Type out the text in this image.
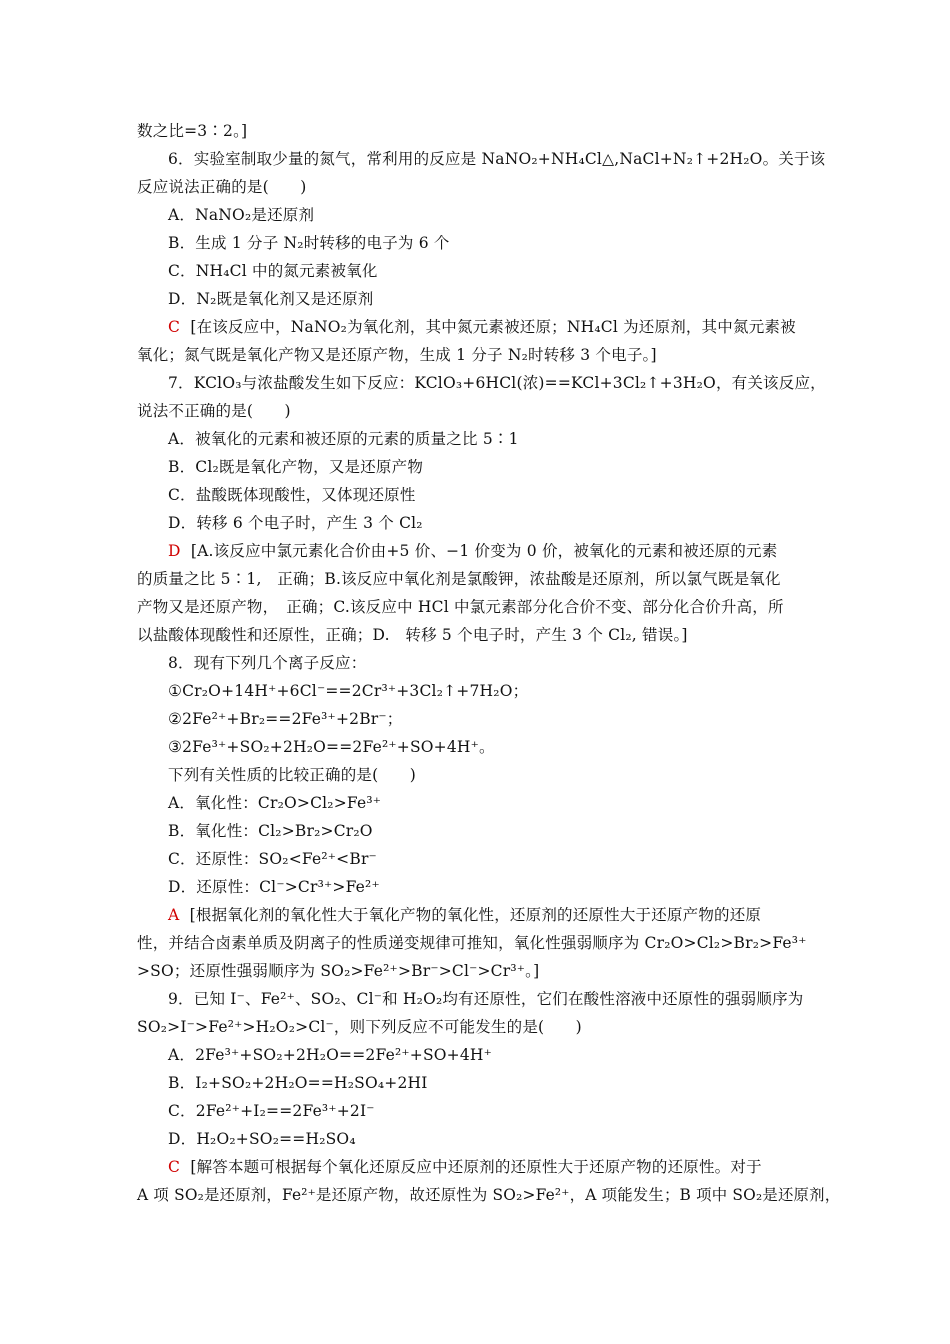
数之比=3∶2。]
6．实验室制取少量的氮气，常利用的反应是 NaNO₂+NH₄Cl△,NaCl+N₂↑+2H₂O。关于该
反应说法正确的是(　　)
A．NaNO₂是还原剂
B．生成 1 分子 N₂时转移的电子为 6 个
C．NH₄Cl 中的氮元素被氧化
D．N₂既是氧化剂又是还原剂
C [在该反应中，NaNO₂为氧化剂，其中氮元素被还原；NH₄Cl 为还原剂，其中氮元素被
氧化；氮气既是氧化产物又是还原产物，生成 1 分子 N₂时转移 3 个电子。]
7．KClO₃与浓盐酸发生如下反应：KClO₃+6HCl(浓)==KCl+3Cl₂↑+3H₂O，有关该反应，
说法不正确的是(　　)
A．被氧化的元素和被还原的元素的质量之比 5∶1
B．Cl₂既是氧化产物，又是还原产物
C．盐酸既体现酸性，又体现还原性
D．转移 6 个电子时，产生 3 个 Cl₂
D [A.该反应中氯元素化合价由+5 价、−1 价变为 0 价，被氧化的元素和被还原的元素
的质量之比 5∶1,　正确；B.该反应中氧化剂是氯酸钾，浓盐酸是还原剂，所以氯气既是氧化
产物又是还原产物，　正确；C.该反应中 HCl 中氯元素部分化合价不变、部分化合价升高，所
以盐酸体现酸性和还原性，正确；D.　转移 5 个电子时，产生 3 个 Cl₂, 错误。]
8．现有下列几个离子反应：
①Cr₂O+14H⁺+6Cl⁻==2Cr³⁺+3Cl₂↑+7H₂O；
②2Fe²⁺+Br₂==2Fe³⁺+2Br⁻；
③2Fe³⁺+SO₂+2H₂O==2Fe²⁺+SO+4H⁺。
下列有关性质的比较正确的是(　　)
A．氧化性：Cr₂O>Cl₂>Fe³⁺
B．氧化性：Cl₂>Br₂>Cr₂O
C．还原性：SO₂<Fe²⁺<Br⁻
D．还原性：Cl⁻>Cr³⁺>Fe²⁺
A [根据氧化剂的氧化性大于氧化产物的氧化性，还原剂的还原性大于还原产物的还原
性，并结合卤素单质及阴离子的性质递变规律可推知，氧化性强弱顺序为 Cr₂O>Cl₂>Br₂>Fe³⁺
>SO；还原性强弱顺序为 SO₂>Fe²⁺>Br⁻>Cl⁻>Cr³⁺。]
9．已知 I⁻、Fe²⁺、SO₂、Cl⁻和 H₂O₂均有还原性，它们在酸性溶液中还原性的强弱顺序为
SO₂>I⁻>Fe²⁺>H₂O₂>Cl⁻，则下列反应不可能发生的是(　　)
A．2Fe³⁺+SO₂+2H₂O==2Fe²⁺+SO+4H⁺
B．I₂+SO₂+2H₂O==H₂SO₄+2HI
C．2Fe²⁺+I₂==2Fe³⁺+2I⁻
D．H₂O₂+SO₂==H₂SO₄
C [解答本题可根据每个氧化还原反应中还原剂的还原性大于还原产物的还原性。对于
A 项 SO₂是还原剂，Fe²⁺是还原产物，故还原性为 SO₂>Fe²⁺，A 项能发生；B 项中 SO₂是还原剂，
